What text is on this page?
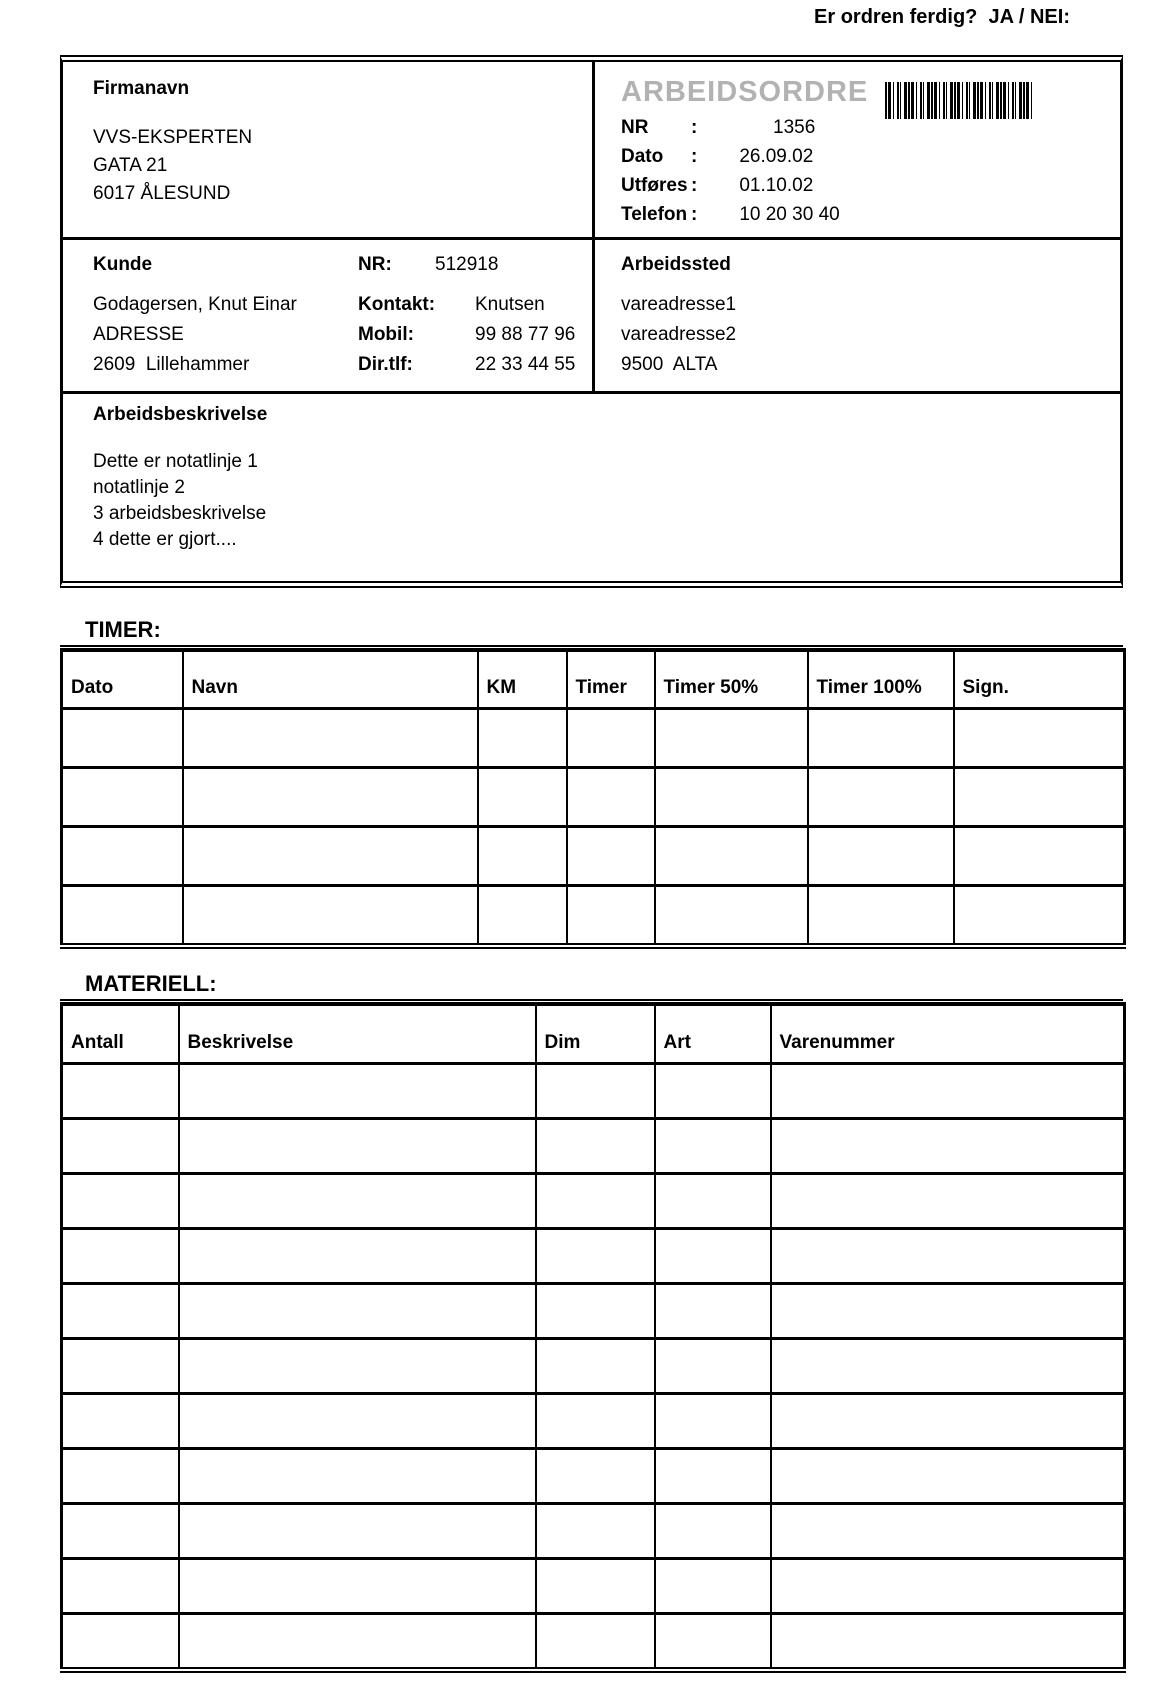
Er ordren ferdig?  JA / NEI:
Firmanavn
VVS-EKSPERTEN
GATA 21
6017 ÅLESUND
ARBEIDSORDRE
NR	:	1356
Dato	: 26.09.02
Utføres : 01.10.02
Telefon : 10 20 30 40
Kunde	NR:	512918
Godagersen, Knut Einar	Kontakt:	Knutsen
ADRESSE	Mobil:	99 88 77 96
2609  Lillehammer	Dir.tlf:	22 33 44 55
Arbeidssted
vareadresse1
vareadresse2
9500  ALTA
Arbeidsbeskrivelse
Dette er notatlinje 1
notatlinje 2
3 arbeidsbeskrivelse
4 dette er gjort....
TIMER:
Dato	Navn	KM	Timer	Timer 50%	Timer 100%	Sign.

MATERIELL:
Antall	Beskrivelse	Dim	Art	Varenummer
